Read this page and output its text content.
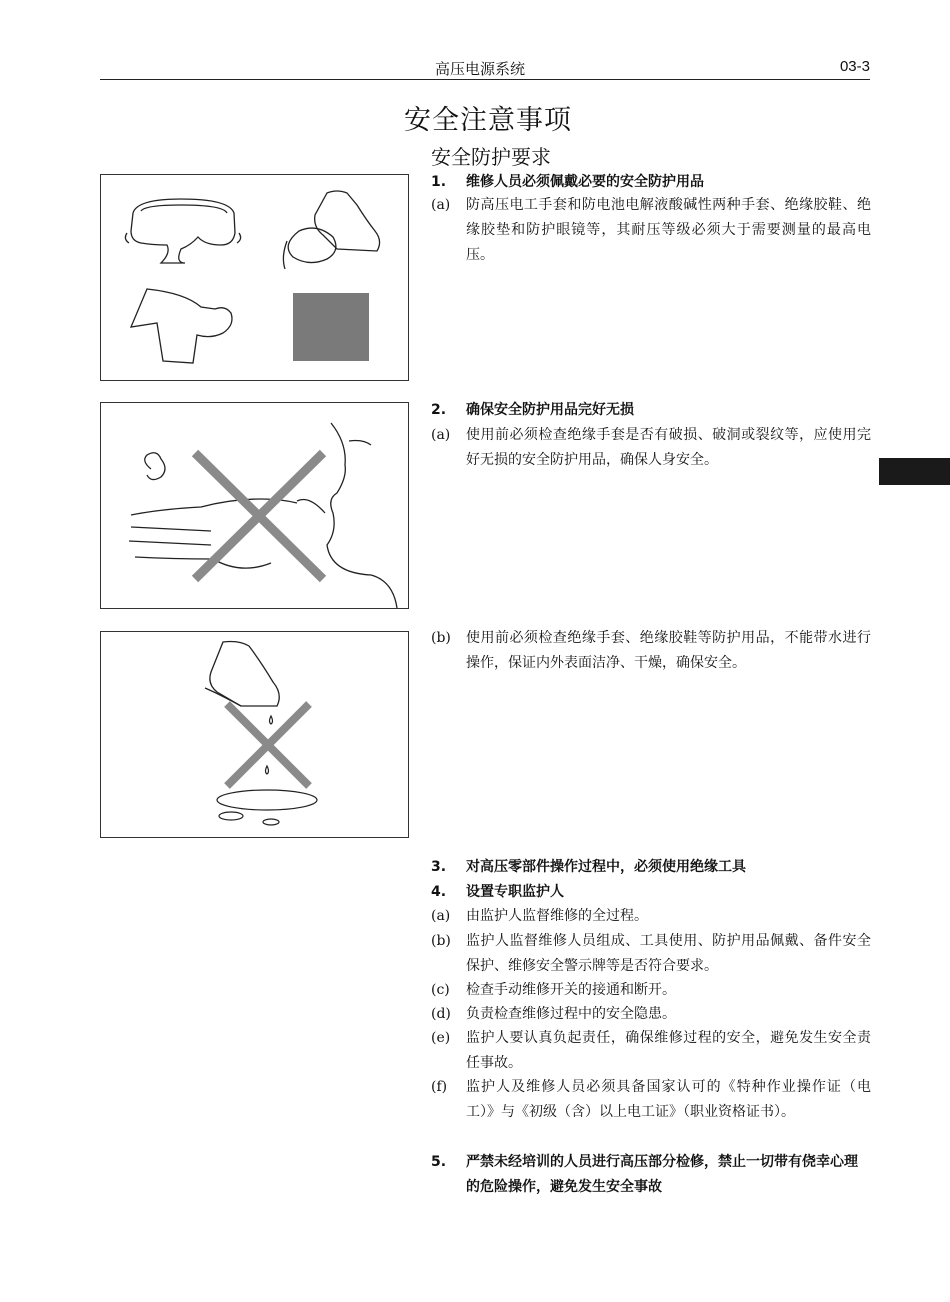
高压电源系统	03-3
安全注意事项
安全防护要求
1. 维修人员必须佩戴必要的安全防护用品
(a) 防高压电工手套和防电池电解液酸碱性两种手套、绝缘胶鞋、绝缘胶垫和防护眼镜等，其耐压等级必须大于需要测量的最高电压。
2. 确保安全防护用品完好无损
(a) 使用前必须检查绝缘手套是否有破损、破洞或裂纹等，应使用完好无损的安全防护用品，确保人身安全。
(b) 使用前必须检查绝缘手套、绝缘胶鞋等防护用品，不能带水进行操作，保证内外表面洁净、干燥，确保安全。
3. 对高压零部件操作过程中，必须使用绝缘工具
4. 设置专职监护人
(a) 由监护人监督维修的全过程。
(b) 监护人监督维修人员组成、工具使用、防护用品佩戴、备件安全保护、维修安全警示牌等是否符合要求。
(c) 检查手动维修开关的接通和断开。
(d) 负责检查维修过程中的安全隐患。
(e) 监护人要认真负起责任，确保维修过程的安全，避免发生安全责任事故。
(f) 监护人及维修人员必须具备国家认可的《特种作业操作证（电工）》与《初级（含）以上电工证》（职业资格证书）。
5. 严禁未经培训的人员进行高压部分检修，禁止一切带有侥幸心理的危险操作，避免发生安全事故
